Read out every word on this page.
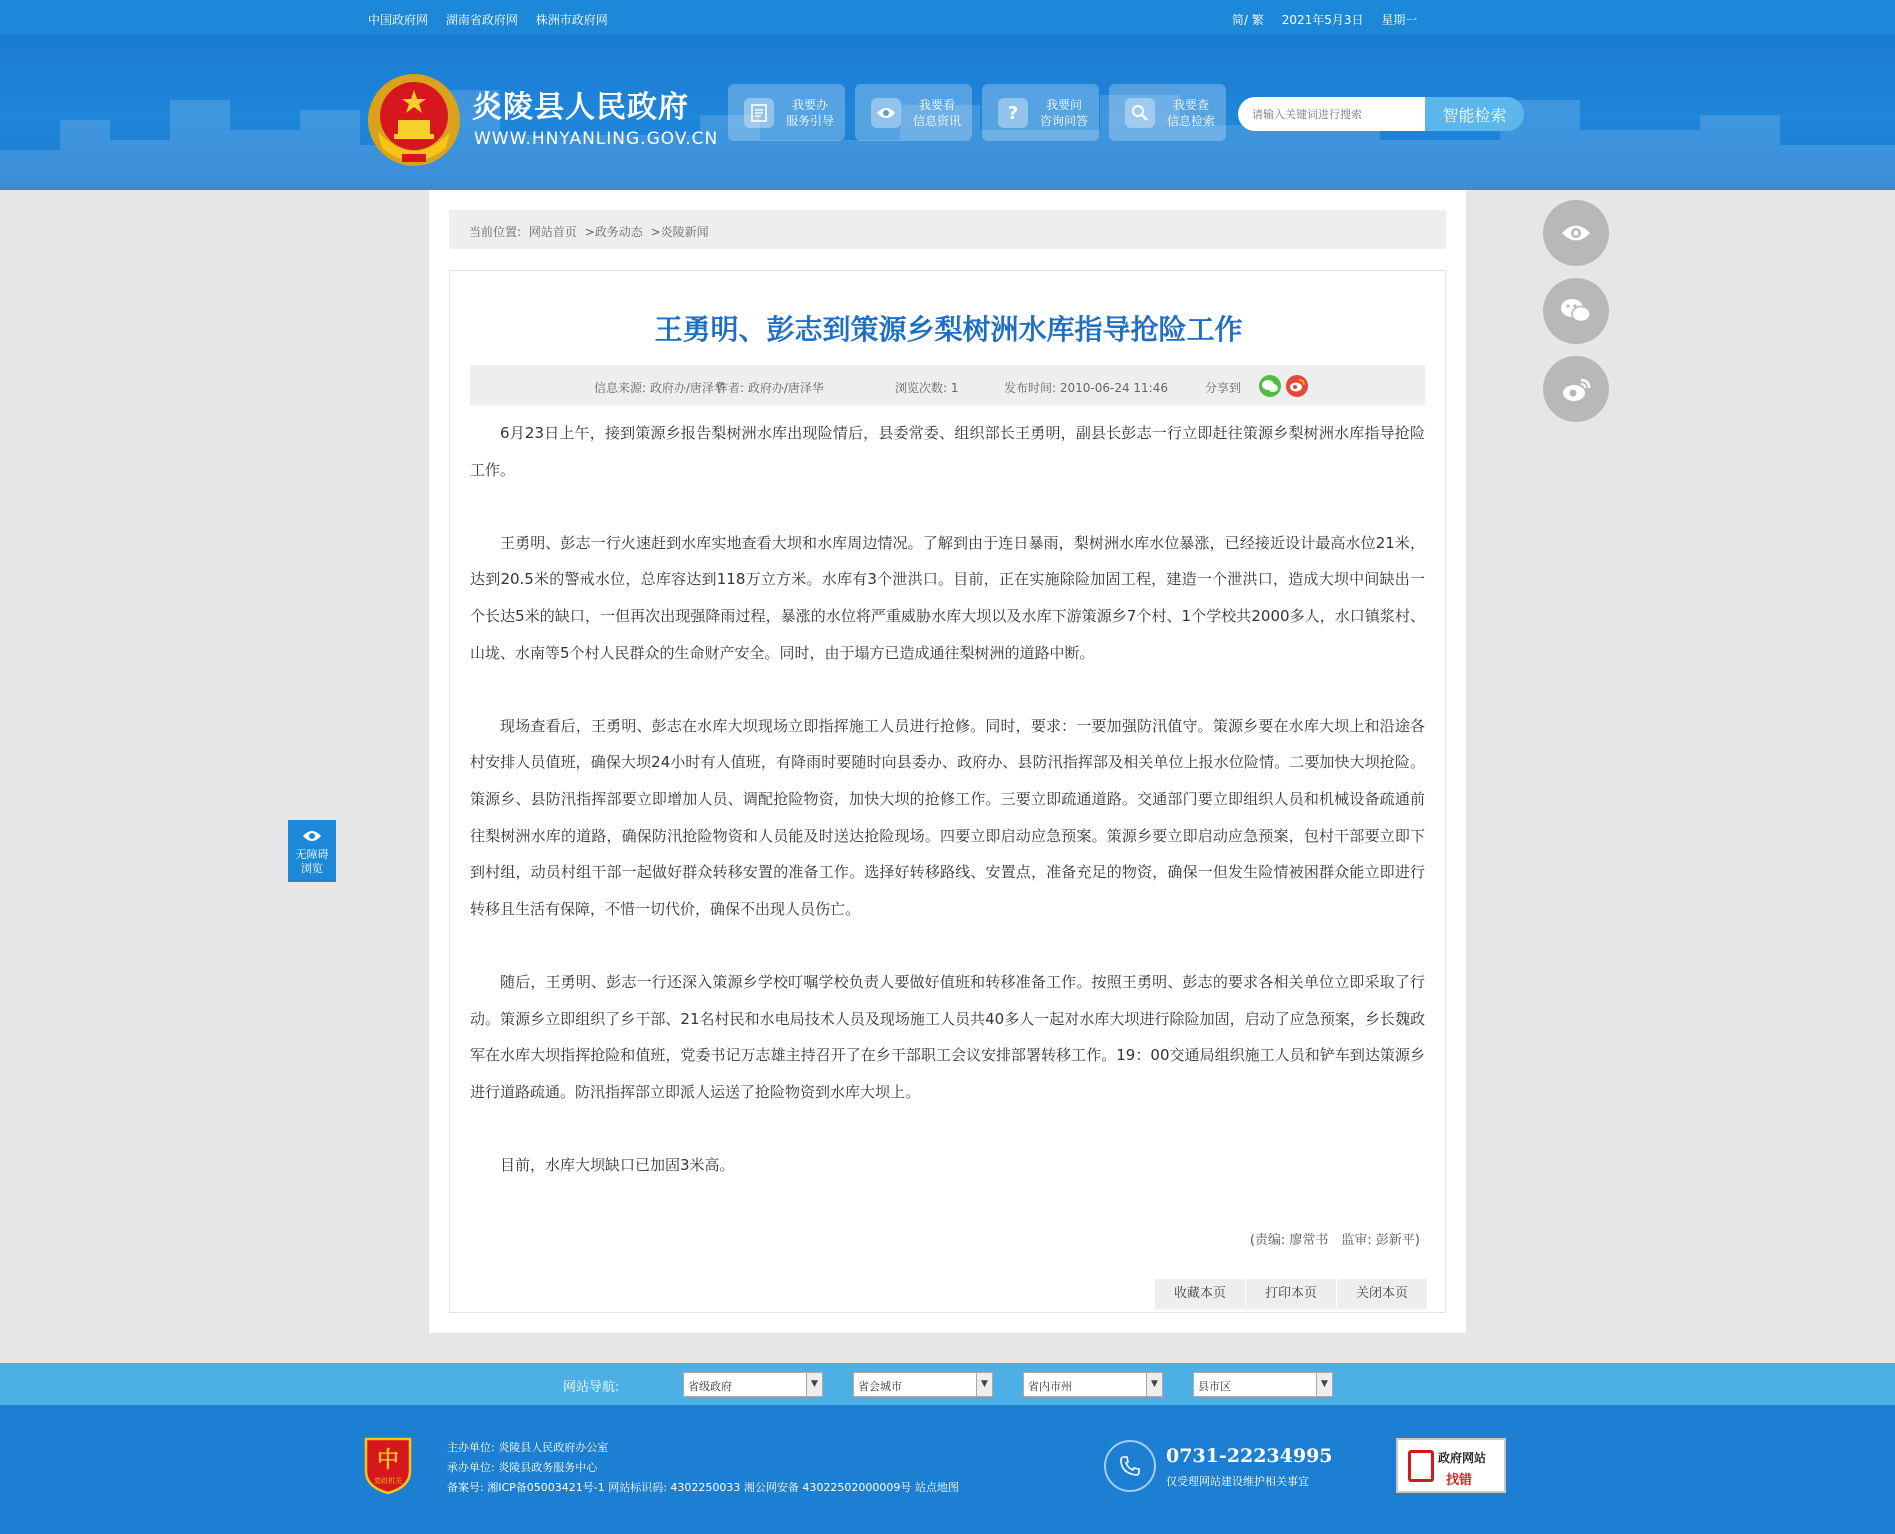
中国政府网 湖南省政府网 株洲市政府网	简/ 繁 2021年5月3日 星期一
炎陵县人民政府
WWW.HNYANLING.GOV.CN
我要办
服务引导
我要看
信息资讯	?	我要问
咨询问答
我要查
信息检索
请输入关键词进行搜索	智能检索
当前位置: 网站首页 >政务动态 >炎陵新闻
王勇明、彭志到策源乡梨树洲水库指导抢险工作
信息来源: 政府办/唐泽华
作者: 政府办/唐泽华	浏览次数: 1	发布时间: 2010-06-24 11:46	分享到

6月23日上午，接到策源乡报告梨树洲水库出现险情后，县委常委、组织部长王勇明，副县长彭志一行立即赶往策源乡梨树洲水库指导抢险工作。

王勇明、彭志一行火速赶到水库实地查看大坝和水库周边情况。了解到由于连日暴雨，梨树洲水库水位暴涨，已经接近设计最高水位21米，达到20.5米的警戒水位，总库容达到118万立方米。水库有3个泄洪口。目前，正在实施除险加固工程，建造一个泄洪口，造成大坝中间缺出一个长达5米的缺口，一但再次出现强降雨过程，暴涨的水位将严重威胁水库大坝以及水库下游策源乡7个村、1个学校共2000多人，水口镇浆村、山垅、水南等5个村人民群众的生命财产安全。同时，由于塌方已造成通往梨树洲的道路中断。

现场查看后，王勇明、彭志在水库大坝现场立即指挥施工人员进行抢修。同时，要求：一要加强防汛值守。策源乡要在水库大坝上和沿途各村安排人员值班，确保大坝24小时有人值班，有降雨时要随时向县委办、政府办、县防汛指挥部及相关单位上报水位险情。二要加快大坝抢险。策源乡、县防汛指挥部要立即增加人员、调配抢险物资，加快大坝的抢修工作。三要立即疏通道路。交通部门要立即组织人员和机械设备疏通前往梨树洲水库的道路，确保防汛抢险物资和人员能及时送达抢险现场。四要立即启动应急预案。策源乡要立即启动应急预案，包村干部要立即下到村组，动员村组干部一起做好群众转移安置的准备工作。选择好转移路线、安置点，准备充足的物资，确保一但发生险情被困群众能立即进行转移且生活有保障，不惜一切代价，确保不出现人员伤亡。

随后，王勇明、彭志一行还深入策源乡学校叮嘱学校负责人要做好值班和转移准备工作。按照王勇明、彭志的要求各相关单位立即采取了行动。策源乡立即组织了乡干部、21名村民和水电局技术人员及现场施工人员共40多人一起对水库大坝进行除险加固，启动了应急预案，乡长魏政军在水库大坝指挥抢险和值班，党委书记万志雄主持召开了在乡干部职工会议安排部署转移工作。19：00交通局组织施工人员和铲车到达策源乡进行道路疏通。防汛指挥部立即派人运送了抢险物资到水库大坝上。

目前，水库大坝缺口已加固3米高。

(责编: 廖常书　监审: 彭新平)
收藏本页	打印本页	关闭本页
无障碍
浏览
网站导航:	省级政府	▼	省会城市	▼	省内市州	▼	县市区	▼
中
党政机关
主办单位: 炎陵县人民政府办公室
承办单位: 炎陵县政务服务中心
备案号: 湘ICP备05003421号-1 网站标识码: 4302250033 湘公网安备 43022502000009号 站点地图
0731-22234995
仅受理网站建设维护相关事宜
政府网站
找错
